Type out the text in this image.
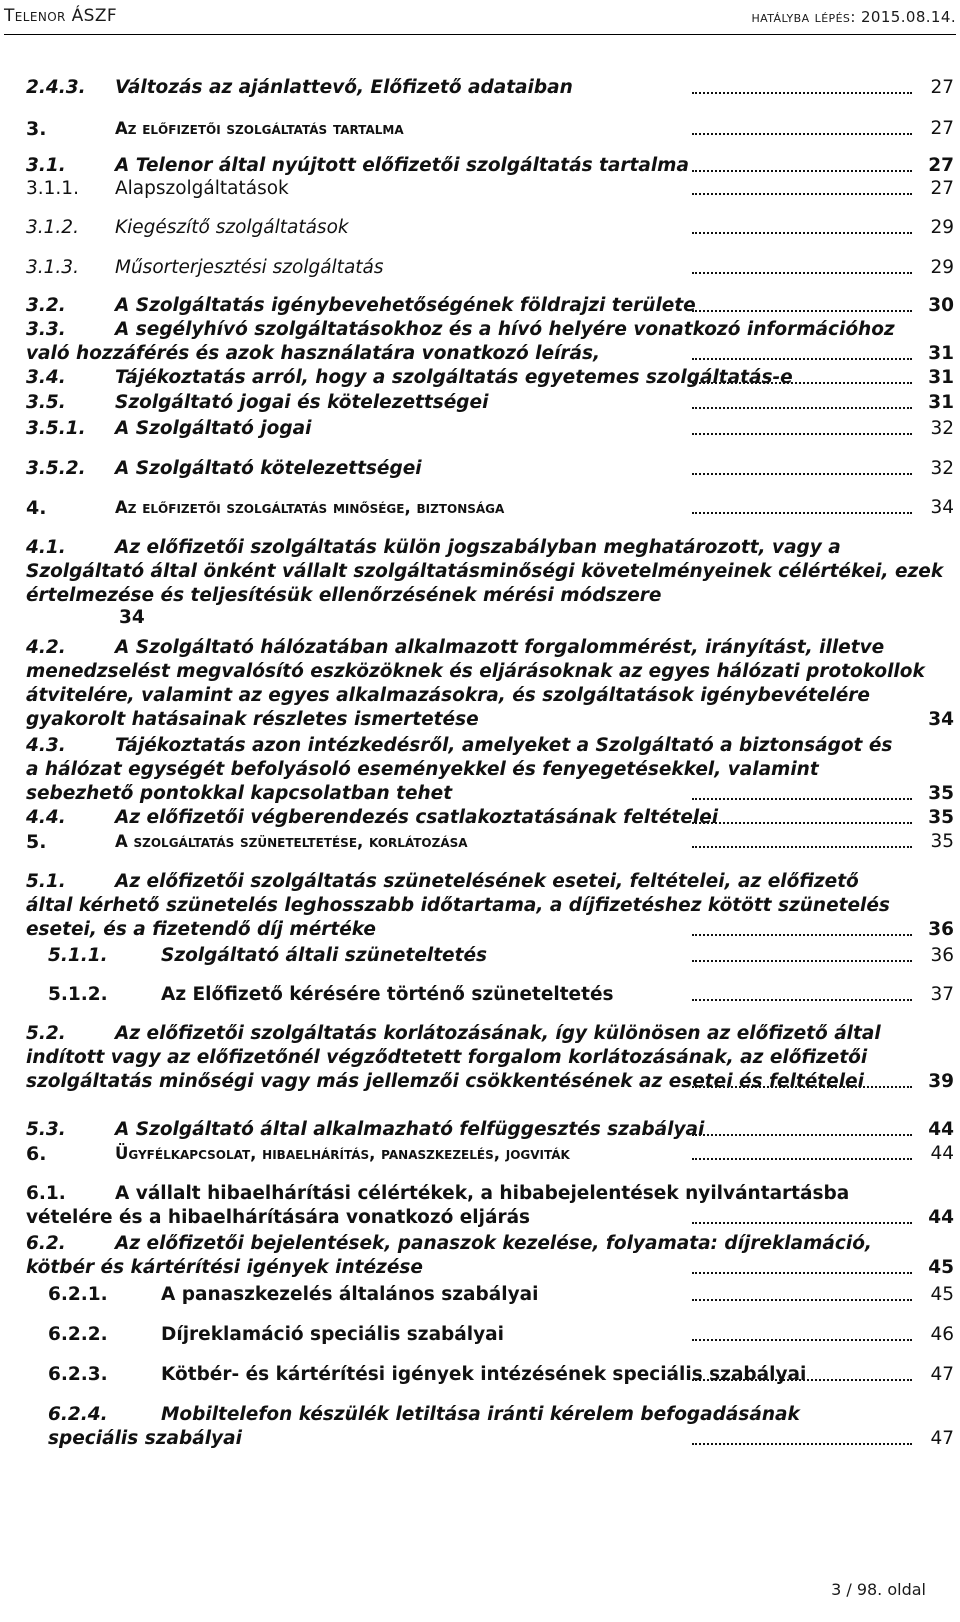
Telenor ÁSZF	hatályba lépés: 2015.08.14.
2.4.3.	Változás az ajánlattevő, Előfizető adataiban	27
3.	Az előfizetői szolgáltatás tartalma	27
3.1.	A Telenor által nyújtott előfizetői szolgáltatás tartalma	27
3.1.1.	Alapszolgáltatások	27
3.1.2.	Kiegészítő szolgáltatások	29
3.1.3.	Műsorterjesztési szolgáltatás	29
3.2.	A Szolgáltatás igénybevehetőségének földrajzi területe	30
3.3.	A segélyhívó szolgáltatásokhoz és a hívó helyére vonatkozó információhoz való hozzáférés és azok használatára vonatkozó leírás,	31
3.4.	Tájékoztatás arról, hogy a szolgáltatás egyetemes szolgáltatás-e	31
3.5.	Szolgáltató jogai és kötelezettségei	31
3.5.1.	A Szolgáltató jogai	32
3.5.2.	A Szolgáltató kötelezettségei	32
4.	Az előfizetői szolgáltatás minősége, biztonsága	34
4.1.	Az előfizetői szolgáltatás külön jogszabályban meghatározott, vagy a Szolgáltató által önként vállalt szolgáltatásminőségi követelményeinek célértékei, ezek értelmezése és teljesítésük ellenőrzésének mérési módszere
34
4.2.	A Szolgáltató hálózatában alkalmazott forgalommérést, irányítást, illetve menedzselést megvalósító eszközöknek és eljárásoknak az egyes hálózati protokollok átvitelére, valamint az egyes alkalmazásokra, és szolgáltatások igénybevételére gyakorolt hatásainak részletes ismertetése	34
4.3.	Tájékoztatás azon intézkedésről, amelyeket a Szolgáltató a biztonságot és a hálózat egységét befolyásoló eseményekkel és fenyegetésekkel, valamint sebezhető pontokkal kapcsolatban tehet	35
4.4.	Az előfizetői végberendezés csatlakoztatásának feltételei	35
5.	A szolgáltatás szüneteltetése, korlátozása	35
5.1.	Az előfizetői szolgáltatás szünetelésének esetei, feltételei, az előfizető által kérhető szünetelés leghosszabb időtartama, a díjfizetéshez kötött szünetelés esetei, és a fizetendő díj mértéke	36
5.1.1.	Szolgáltató általi szüneteltetés	36
5.1.2.	Az Előfizető kérésére történő szüneteltetés	37
5.2.	Az előfizetői szolgáltatás korlátozásának, így különösen az előfizető által indított vagy az előfizetőnél végződtetett forgalom korlátozásának, az előfizetői szolgáltatás minőségi vagy más jellemzői csökkentésének az esetei és feltételei	39
5.3.	A Szolgáltató által alkalmazható felfüggesztés szabályai	44
6.	Ügyfélkapcsolat, hibaelhárítás, panaszkezelés, jogviták	44
6.1.	A vállalt hibaelhárítási célértékek, a hibabejelentések nyilvántartásba vételére és a hibaelhárítására vonatkozó eljárás	44
6.2.	Az előfizetői bejelentések, panaszok kezelése, folyamata: díjreklamáció, kötbér és kártérítési igények intézése	45
6.2.1.	A panaszkezelés általános szabályai	45
6.2.2.	Díjreklamáció speciális szabályai	46
6.2.3.	Kötbér- és kártérítési igények intézésének speciális szabályai	47
6.2.4.	Mobiltelefon készülék letiltása iránti kérelem befogadásának speciális szabályai	47
3 / 98. oldal
